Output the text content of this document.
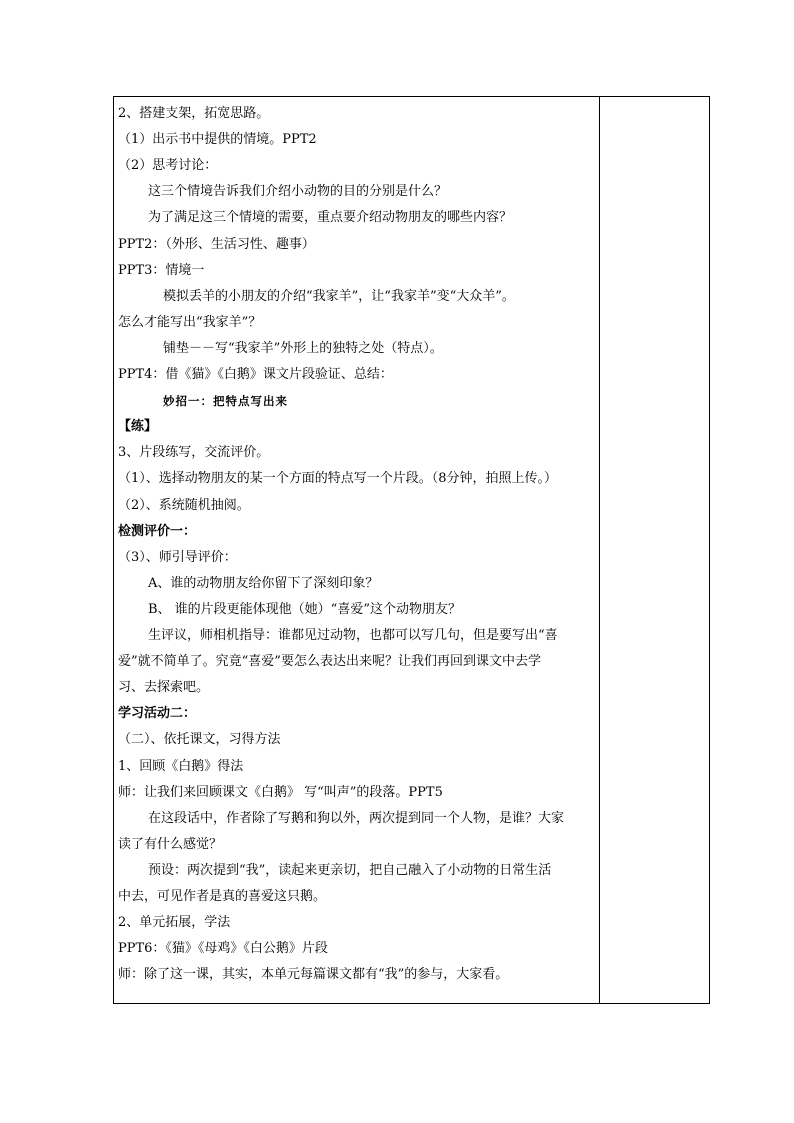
2、搭建支架，拓宽思路。
（1）出示书中提供的情境。PPT2
（2）思考讨论：
这三个情境告诉我们介绍小动物的目的分别是什么？
为了满足这三个情境的需要，重点要介绍动物朋友的哪些内容？
PPT2：（外形、生活习性、趣事）
PPT3：情境一
模拟丢羊的小朋友的介绍“我家羊”，让“我家羊”变“大众羊”。
怎么才能写出“我家羊”？
铺垫－－写“我家羊”外形上的独特之处（特点）。
PPT4：借《猫》《白鹅》课文片段验证、总结：
妙招一：把特点写出来
【练】
3、片段练写，交流评价。
（1）、选择动物朋友的某一个方面的特点写一个片段。（8分钟，拍照上传。）
（2）、系统随机抽阅。
检测评价一：
（3）、师引导评价：
A、谁的动物朋友给你留下了深刻印象？
B、 谁的片段更能体现他（她）“喜爱”这个动物朋友？
生评议，师相机指导：谁都见过动物，也都可以写几句，但是要写出“喜
爱”就不简单了。究竟“喜爱”要怎么表达出来呢？让我们再回到课文中去学
习、去探索吧。
学习活动二：
（二）、依托课文，习得方法
1、回顾《白鹅》得法
师：让我们来回顾课文《白鹅》 写“叫声”的段落。PPT5
在这段话中，作者除了写鹅和狗以外，两次提到同一个人物，是谁？大家
读了有什么感觉？
预设：两次提到“我”，读起来更亲切，把自己融入了小动物的日常生活
中去，可见作者是真的喜爱这只鹅。
2、单元拓展，学法
PPT6：《猫》《母鸡》《白公鹅》片段
师：除了这一课，其实，本单元每篇课文都有“我”的参与，大家看。
